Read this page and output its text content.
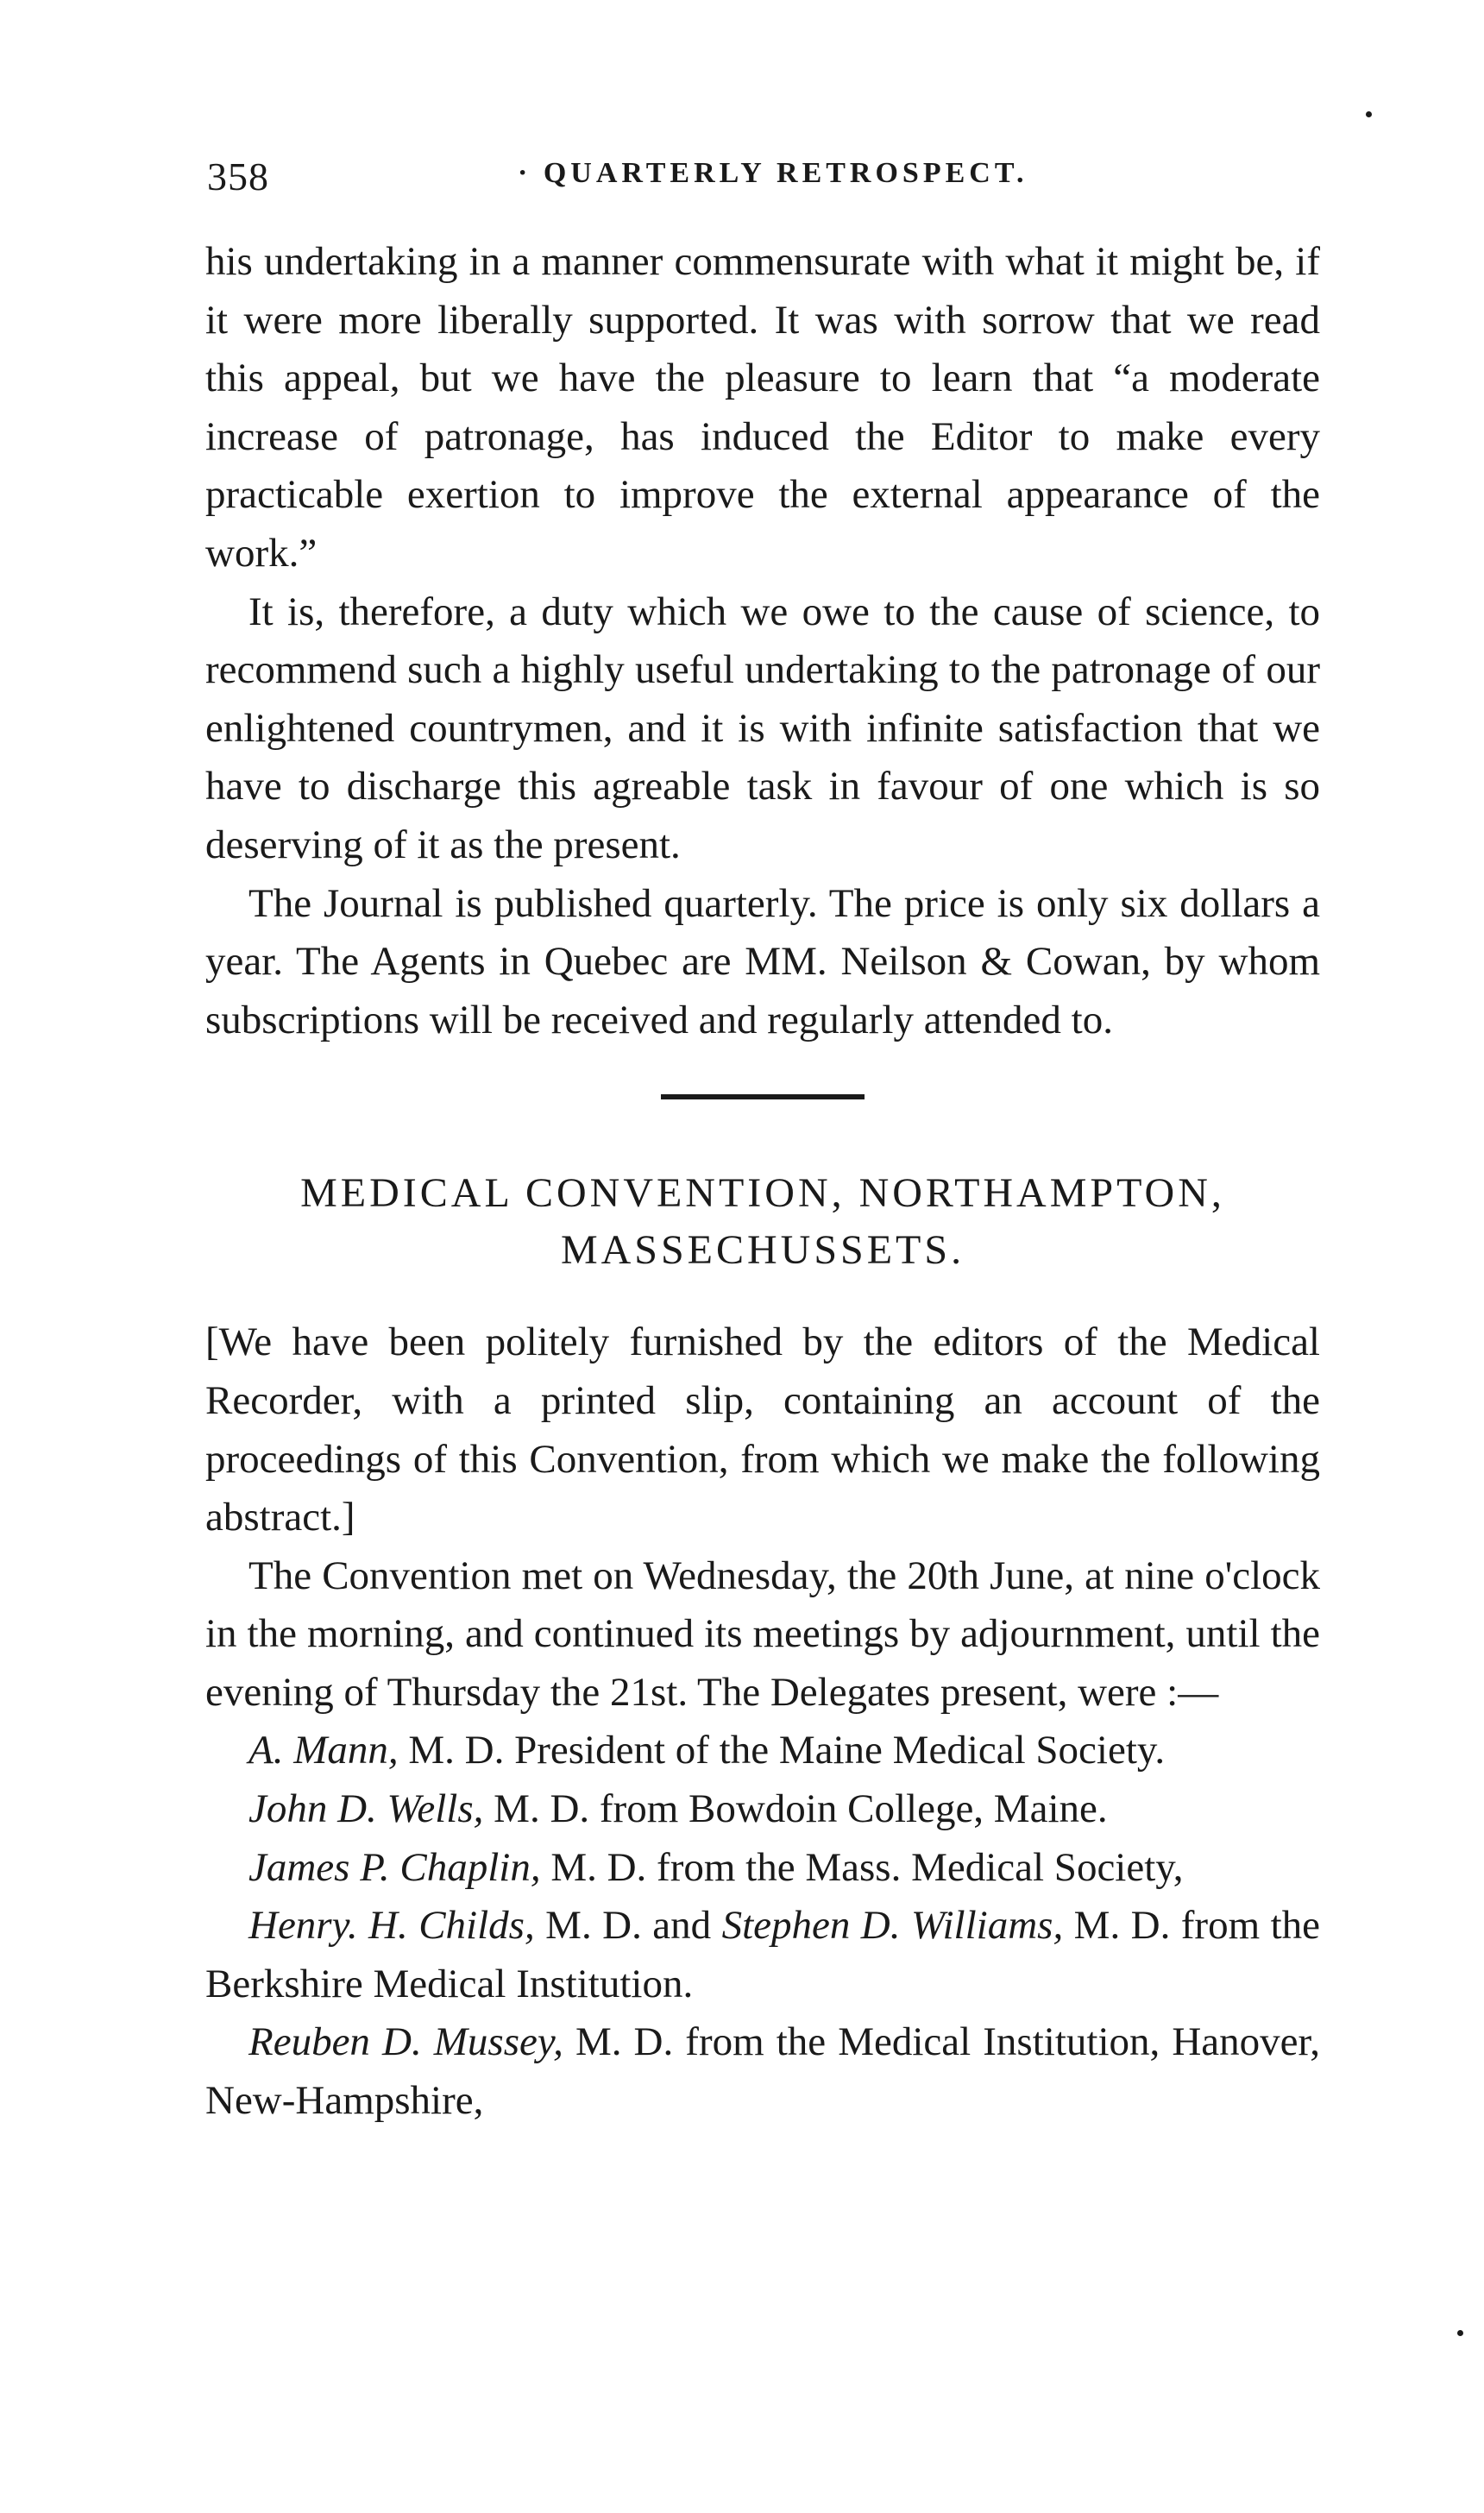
358	· QUARTERLY RETROSPECT.

his undertaking in a manner commensurate with what it might be, if it were more liberally supported. It was with sorrow that we read this appeal, but we have the pleasure to learn that “a moderate increase of patronage, has induced the Editor to make every practicable exertion to improve the external appearance of the work.”

It is, therefore, a duty which we owe to the cause of science, to recommend such a highly useful undertaking to the patronage of our enlightened countrymen, and it is with infinite satisfaction that we have to discharge this agreable task in favour of one which is so deserving of it as the present.

The Journal is published quarterly. The price is only six dollars a year. The Agents in Quebec are MM. Neilson & Cowan, by whom subscriptions will be received and regularly attended to.

MEDICAL CONVENTION, NORTHAMPTON,
MASSECHUSSETS.

[We have been politely furnished by the editors of the Medical Recorder, with a printed slip, containing an account of the proceedings of this Convention, from which we make the following abstract.]

The Convention met on Wednesday, the 20th June, at nine o'clock in the morning, and continued its meetings by adjournment, until the evening of Thursday the 21st. The Delegates present, were :—

A. Mann, M. D. President of the Maine Medical Society.

John D. Wells, M. D. from Bowdoin College, Maine.

James P. Chaplin, M. D. from the Mass. Medical Society,

Henry. H. Childs, M. D. and Stephen D. Williams, M. D. from the Berkshire Medical Institution.

Reuben D. Mussey, M. D. from the Medical Institution, Hanover, New-Hampshire,
